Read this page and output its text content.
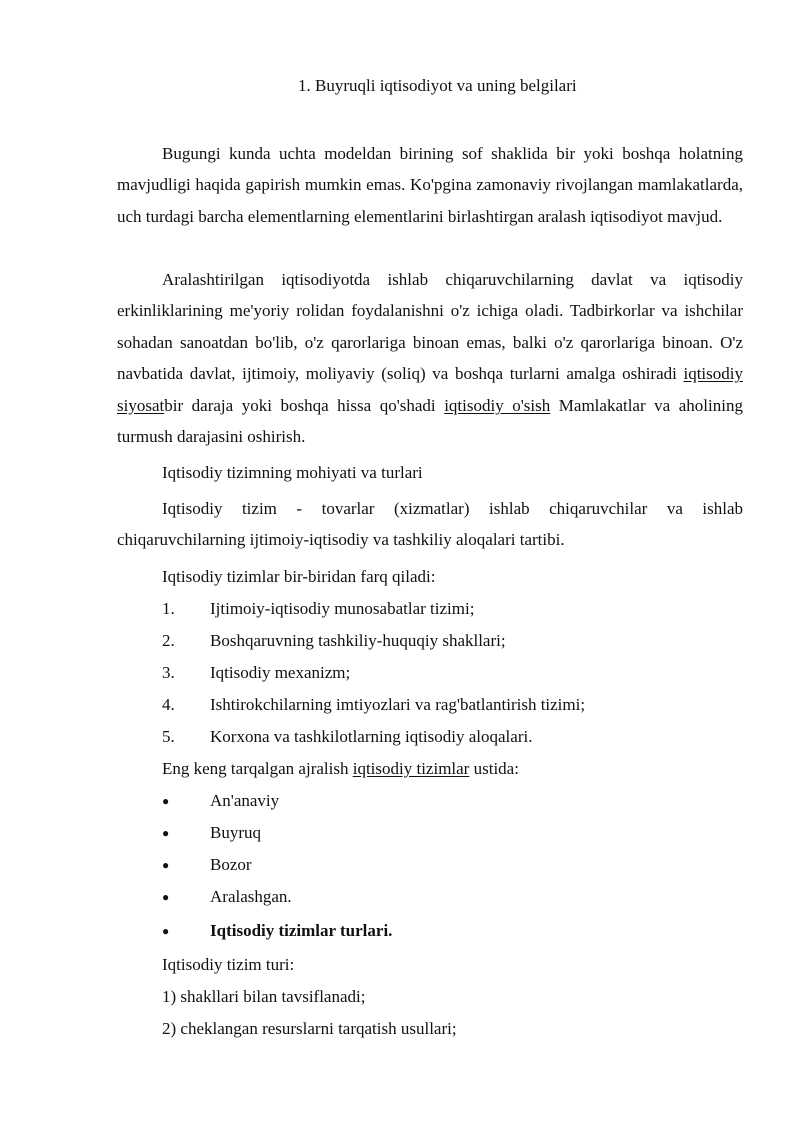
1. Buyruqli iqtisodiyot va uning belgilari
Bugungi kunda uchta modeldan birining sof shaklida bir yoki boshqa holatning mavjudligi haqida gapirish mumkin emas. Ko'pgina zamonaviy rivojlangan mamlakatlarda, uch turdagi barcha elementlarning elementlarini birlashtirgan aralash iqtisodiyot mavjud.
Aralashtirilgan iqtisodiyotda ishlab chiqaruvchilarning davlat va iqtisodiy erkinliklarining me'yoriy rolidan foydalanishni o'z ichiga oladi. Tadbirkorlar va ishchilar sohadan sanoatdan bo'lib, o'z qarorlariga binoan emas, balki o'z qarorlariga binoan. O'z navbatida davlat, ijtimoiy, moliyaviy (soliq) va boshqa turlarni amalga oshiradi iqtisodiy siyosatbir daraja yoki boshqa hissa qo'shadi iqtisodiy o'sish Mamlakatlar va aholining turmush darajasini oshirish.
Iqtisodiy tizimning mohiyati va turlari
Iqtisodiy tizim - tovarlar (xizmatlar) ishlab chiqaruvchilar va ishlab chiqaruvchilarning ijtimoiy-iqtisodiy va tashkiliy aloqalari tartibi.
Iqtisodiy tizimlar bir-biridan farq qiladi:
1. Ijtimoiy-iqtisodiy munosabatlar tizimi;
2. Boshqaruvning tashkiliy-huquqiy shakllari;
3. Iqtisodiy mexanizm;
4. Ishtirokchilarning imtiyozlari va rag'batlantirish tizimi;
5. Korxona va tashkilotlarning iqtisodiy aloqalari.
Eng keng tarqalgan ajralish iqtisodiy tizimlar ustida:
● An'anaviy
● Buyruq
● Bozor
● Aralashgan.
● Iqtisodiy tizimlar turlari.
Iqtisodiy tizim turi:
1) shakllari bilan tavsiflanadi;
2) cheklangan resurslarni tarqatish usullari;
